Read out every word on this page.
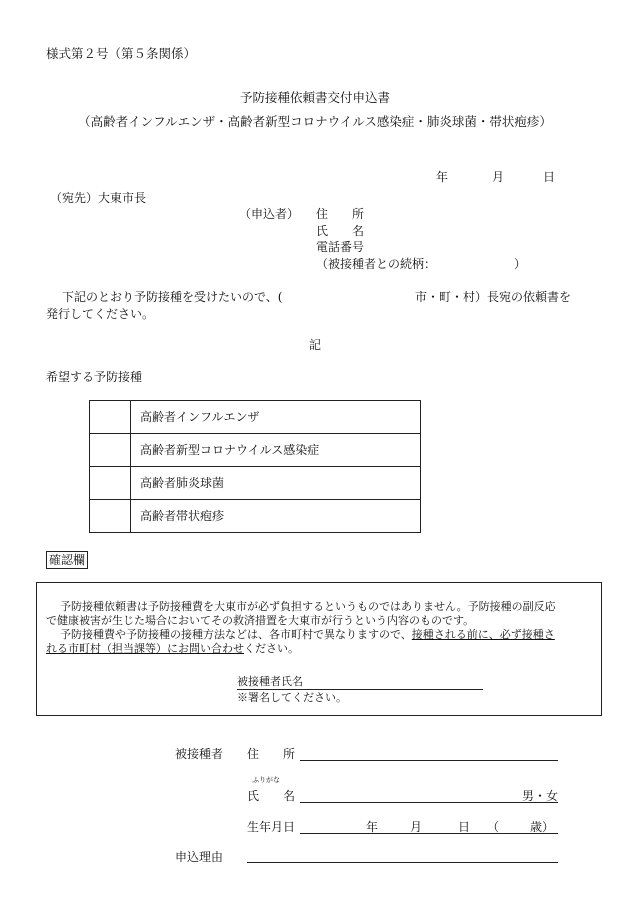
様式第２号（第５条関係）
予防接種依頼書交付申込書
（高齢者インフルエンザ・高齢者新型コロナウイルス感染症・肺炎球菌・帯状疱疹）
年	月	日
（宛先）大東市長
（申込者） 住　　所
氏　　名
電話番号
（被接種者との続柄：　　　　　　　）
下記のとおり予防接種を受けたいので、(	市・町・村）長宛の依頼書を
発行してください。
記
希望する予防接種
	高齢者インフルエンザ
	高齢者新型コロナウイルス感染症
	高齢者肺炎球菌
	高齢者帯状疱疹
確認欄

予防接種依頼書は予防接種費を大東市が必ず負担するというものではありません。予防接種の副反応

で健康被害が生じた場合においてその救済措置を大東市が行うという内容のものです。

予防接種費や予防接種の接種方法などは、各市町村で異なりますので、接種される前に、必ず接種さ

れる市町村（担当課等）にお問い合わせください。

被接種者氏名

※署名してください。

被接種者 住　　所
ふりがな
氏　　名	男・女
生年月日	年	月	日 （	歳）
申込理由
